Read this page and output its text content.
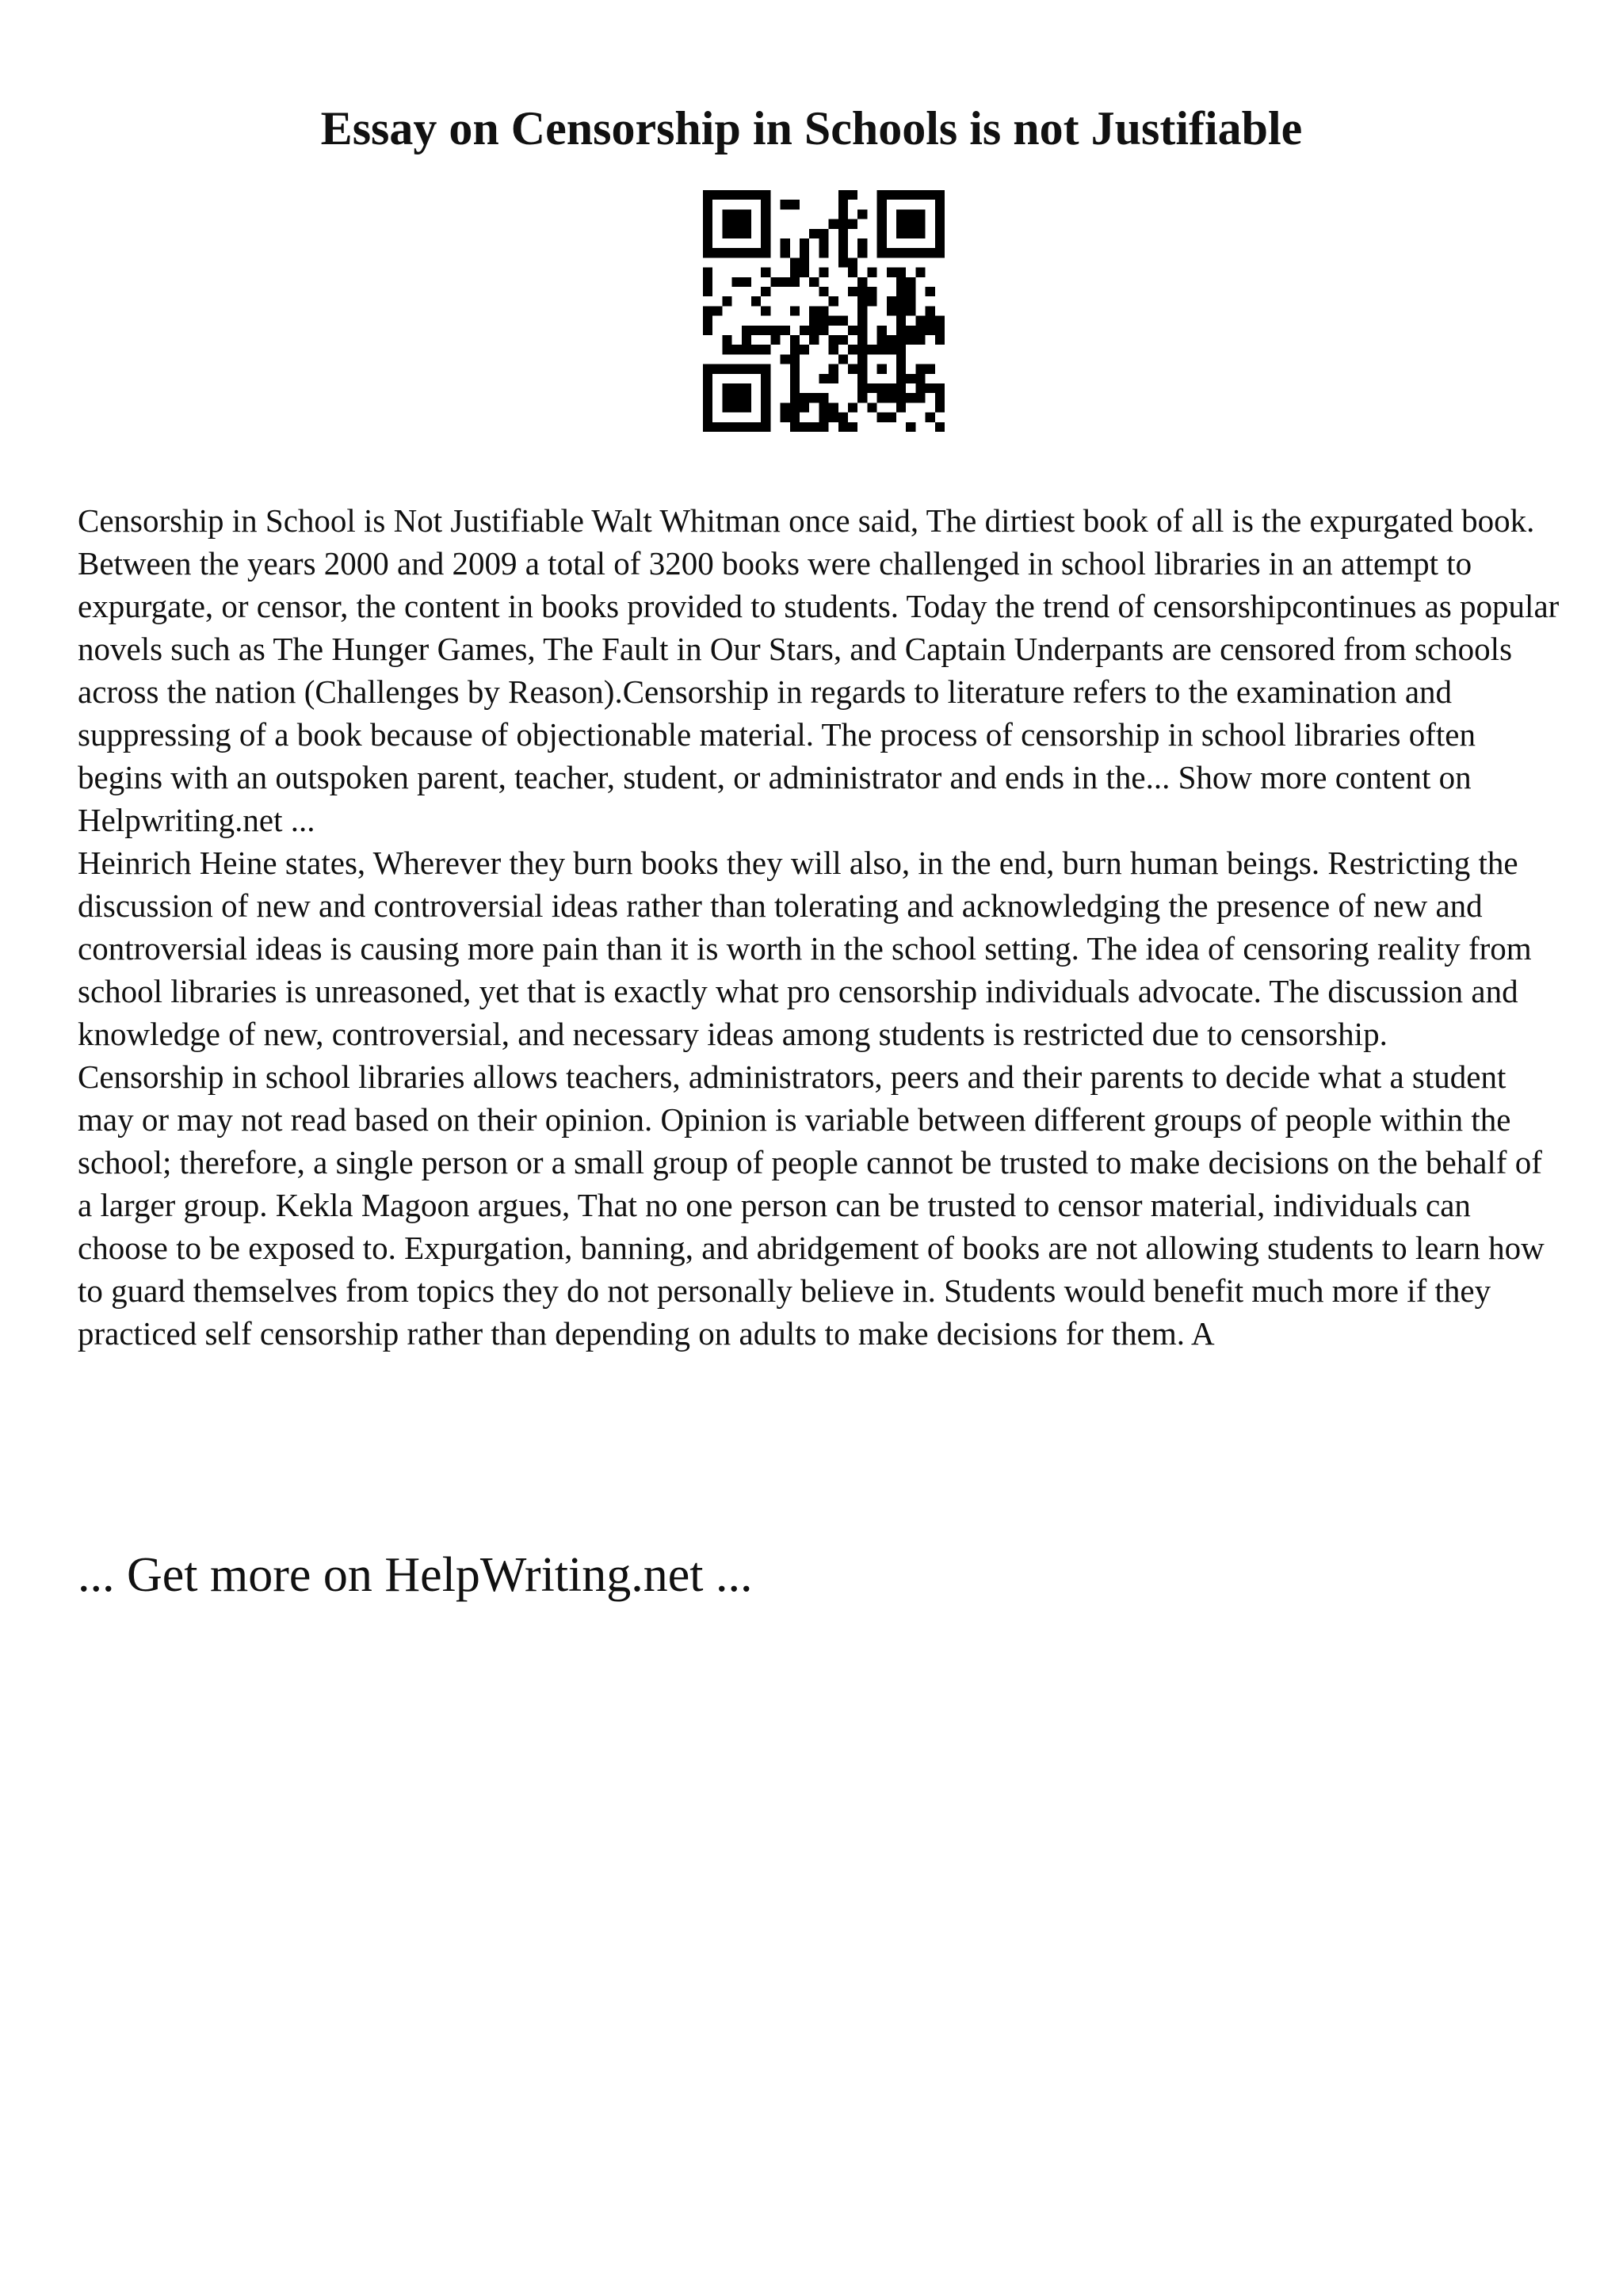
Essay on Censorship in Schools is not Justifiable

Censorship in School is Not Justifiable Walt Whitman once said, The dirtiest book of all is the expurgated book. Between the years 2000 and 2009 a total of 3200 books were challenged in school libraries in an attempt to expurgate, or censor, the content in books provided to students. Today the trend of censorshipcontinues as popular novels such as The Hunger Games, The Fault in Our Stars, and Captain Underpants are censored from schools across the nation (Challenges by Reason).Censorship in regards to literature refers to the examination and suppressing of a book because of objectionable material. The process of censorship in school libraries often begins with an outspoken parent, teacher, student, or administrator and ends in the... Show more content on Helpwriting.net ...

Heinrich Heine states, Wherever they burn books they will also, in the end, burn human beings. Restricting the discussion of new and controversial ideas rather than tolerating and acknowledging the presence of new and controversial ideas is causing more pain than it is worth in the school setting. The idea of censoring reality from school libraries is unreasoned, yet that is exactly what pro censorship individuals advocate. The discussion and knowledge of new, controversial, and necessary ideas among students is restricted due to censorship.

Censorship in school libraries allows teachers, administrators, peers and their parents to decide what a student may or may not read based on their opinion. Opinion is variable between different groups of people within the school; therefore, a single person or a small group of people cannot be trusted to make decisions on the behalf of a larger group. Kekla Magoon argues, That no one person can be trusted to censor material, individuals can choose to be exposed to. Expurgation, banning, and abridgement of books are not allowing students to learn how to guard themselves from topics they do not personally believe in. Students would benefit much more if they practiced self censorship rather than depending on adults to make decisions for them. A

... Get more on HelpWriting.net ...
